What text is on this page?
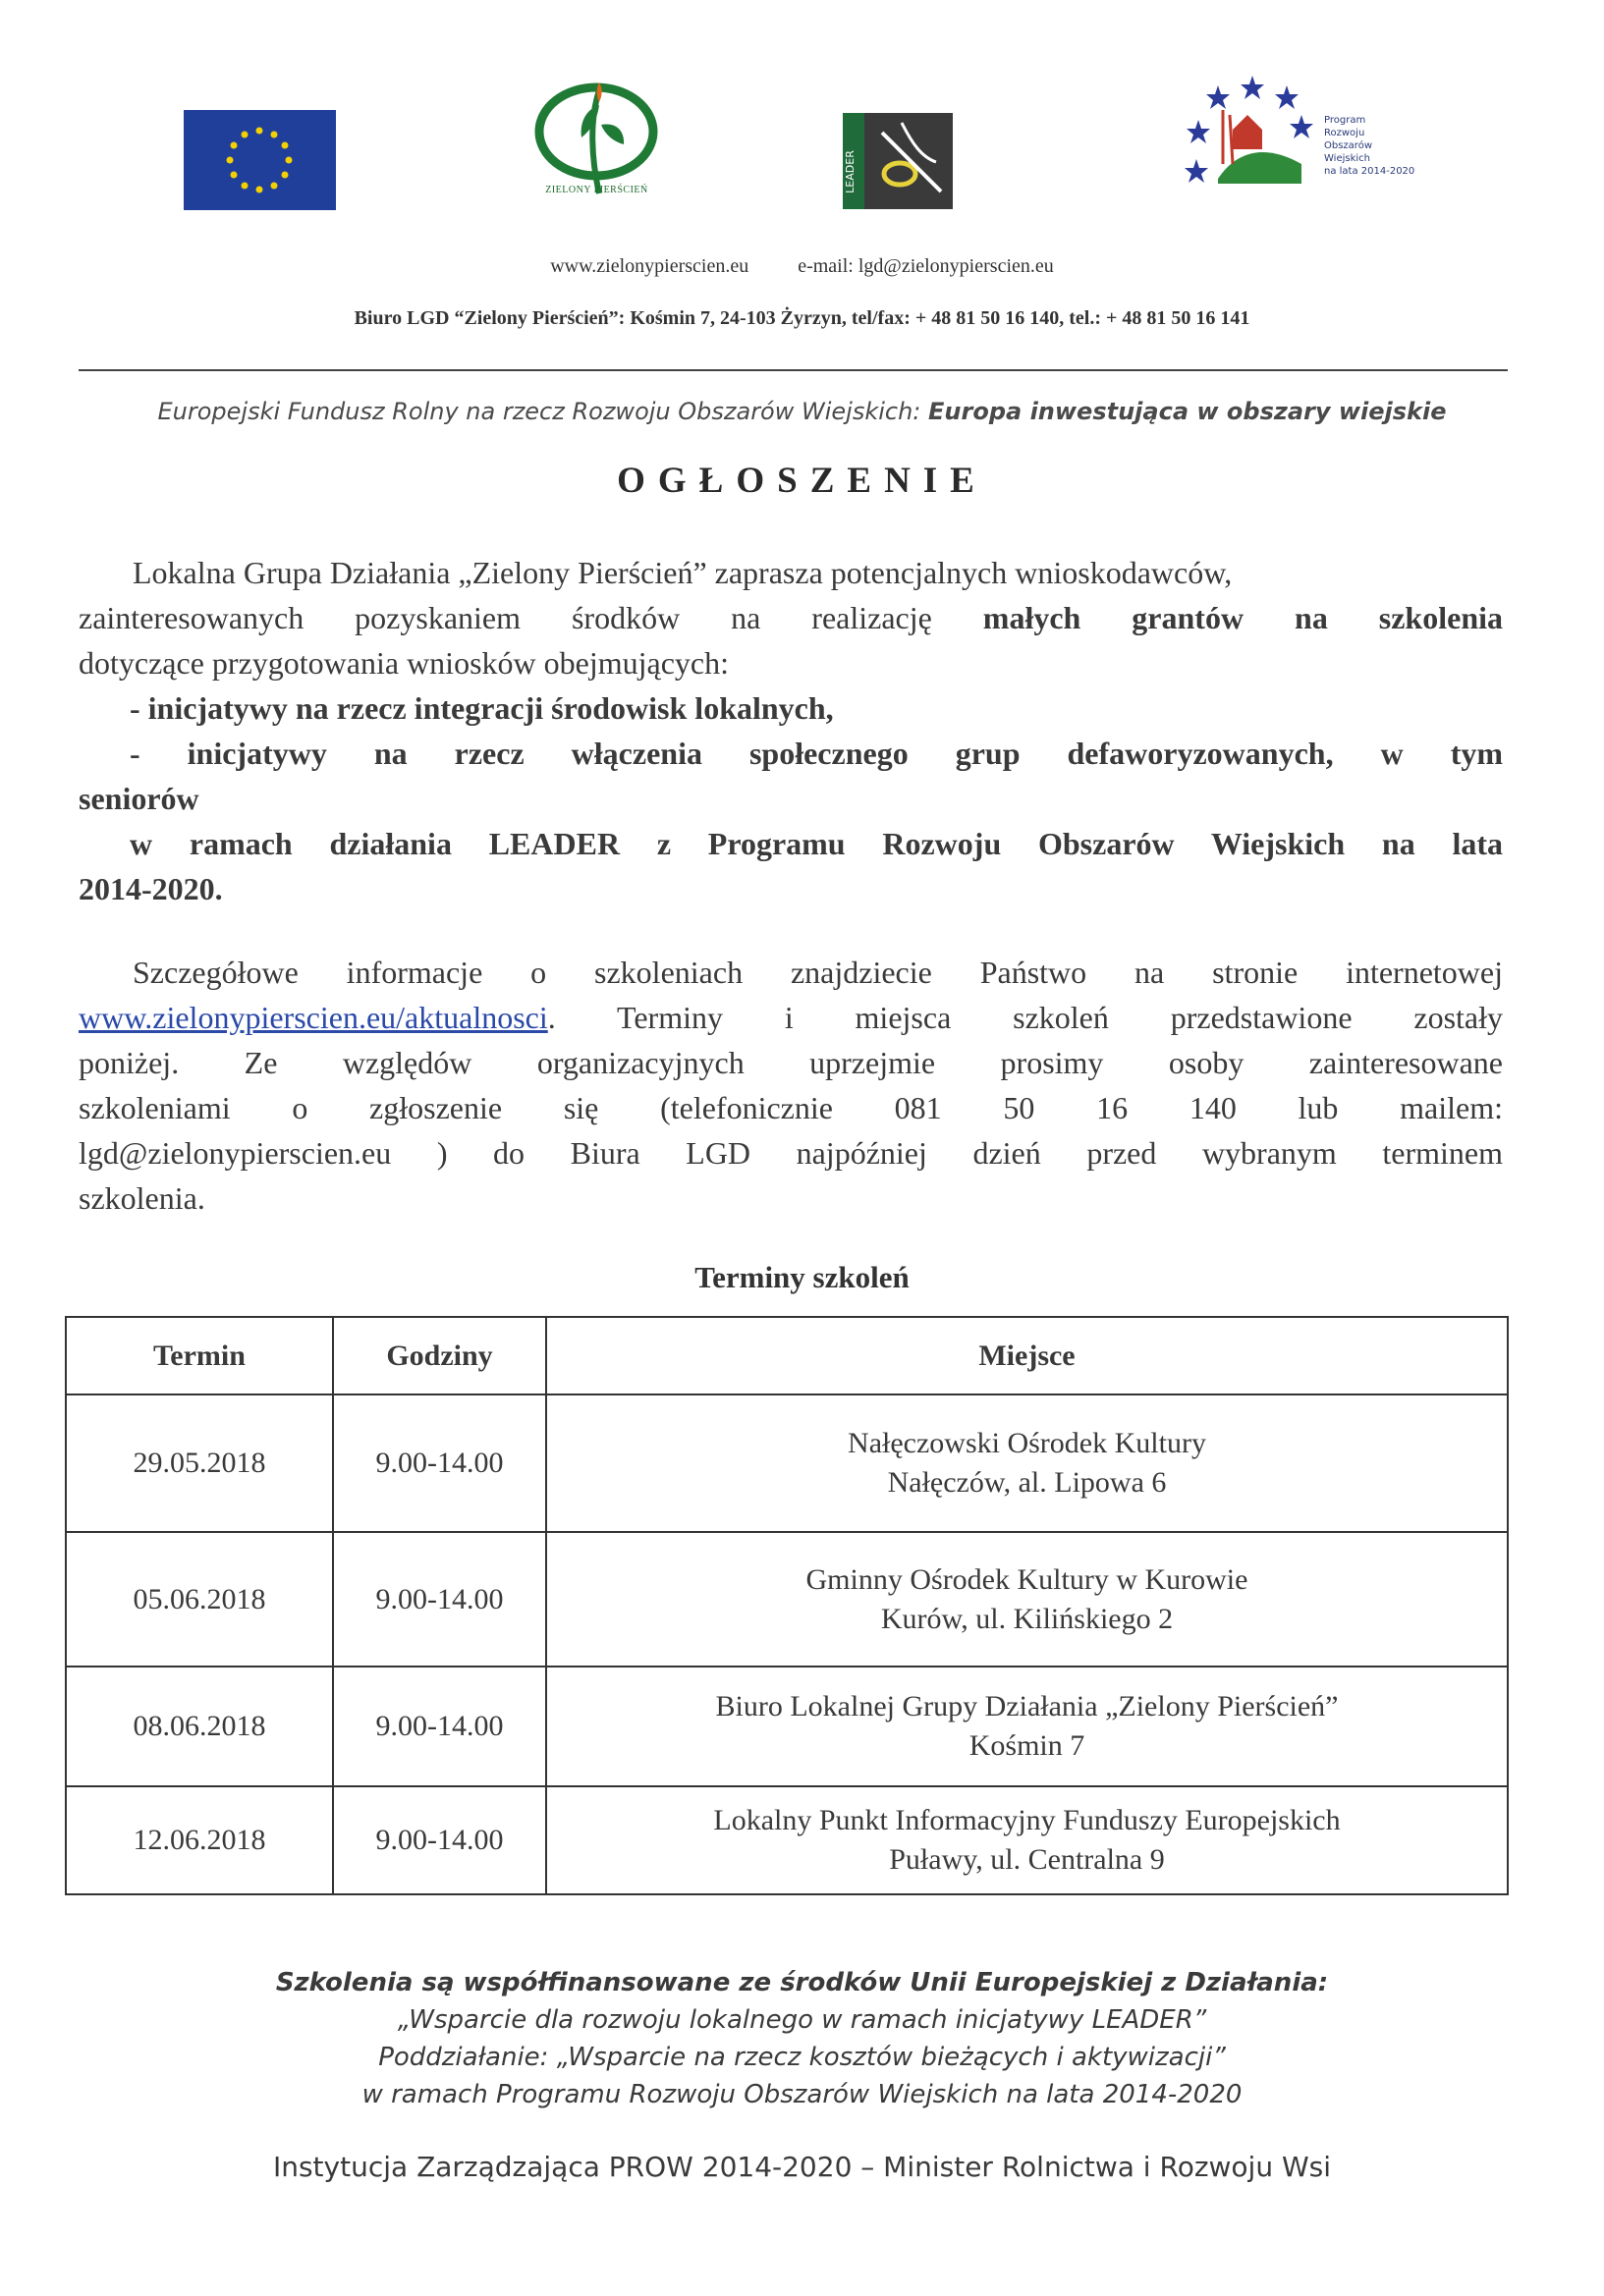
ZIELONY PIERŚCIEŃ	LEADER
Program
Rozwoju
Obszarów
Wiejskich
na lata 2014-2020
www.zielonypierscien.eu	e-mail: lgd@zielonypierscien.eu
Biuro LGD “Zielony Pierścień”: Kośmin 7, 24-103 Żyrzyn, tel/fax: + 48 81 50 16 140, tel.: + 48 81 50 16 141
Europejski Fundusz Rolny na rzecz Rozwoju Obszarów Wiejskich: Europa inwestująca w obszary wiejskie
OGŁOSZENIE
Lokalna Grupa Działania „Zielony Pierścień” zaprasza potencjalnych wnioskodawców,
zainteresowanych pozyskaniem środków na realizację małych grantów na szkolenia
dotyczące przygotowania wniosków obejmujących:
- inicjatywy na rzecz integracji środowisk lokalnych,
- inicjatywy na rzecz włączenia społecznego grup defaworyzowanych, w tym
seniorów
w ramach działania LEADER z Programu Rozwoju Obszarów Wiejskich na lata
2014-2020.
Szczegółowe informacje o szkoleniach znajdziecie Państwo na stronie internetowej
www.zielonypierscien.eu/aktualnosci. Terminy i miejsca szkoleń przedstawione zostały
poniżej. Ze względów organizacyjnych uprzejmie prosimy osoby zainteresowane
szkoleniami o zgłoszenie się (telefonicznie 081 50 16 140 lub mailem:
lgd@zielonypierscien.eu ) do Biura LGD najpóźniej dzień przed wybranym terminem
szkolenia.
Terminy szkoleń
Termin	Godziny	Miejsce
29.05.2018	9.00-14.00	Nałęczowski Ośrodek Kultury
Nałęczów, al. Lipowa 6

05.06.2018	9.00-14.00	Gminny Ośrodek Kultury w Kurowie
Kurów, ul. Kilińskiego 2

08.06.2018	9.00-14.00	Biuro Lokalnej Grupy Działania „Zielony Pierścień”
Kośmin 7

12.06.2018	9.00-14.00	Lokalny Punkt Informacyjny Funduszy Europejskich
Puławy, ul. Centralna 9
Szkolenia są współfinansowane ze środków Unii Europejskiej z Działania:
„Wsparcie dla rozwoju lokalnego w ramach inicjatywy LEADER”
Poddziałanie: „Wsparcie na rzecz kosztów bieżących i aktywizacji”
w ramach Programu Rozwoju Obszarów Wiejskich na lata 2014-2020
Instytucja Zarządzająca PROW 2014-2020 – Minister Rolnictwa i Rozwoju Wsi
